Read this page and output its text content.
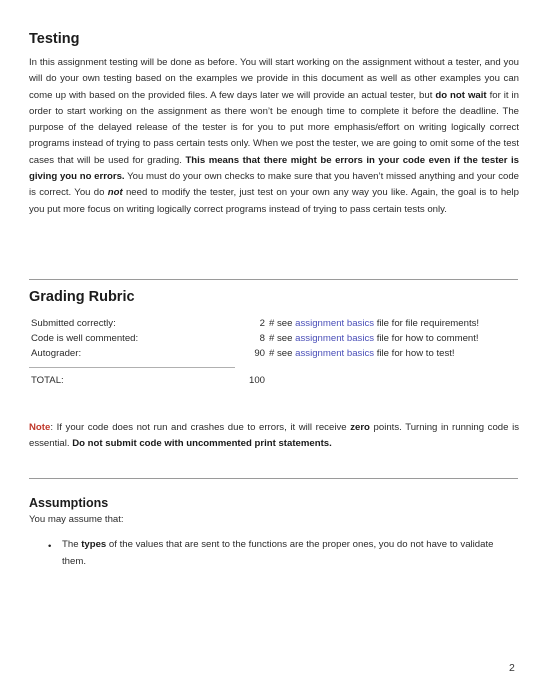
Testing

In this assignment testing will be done as before. You will start working on the assignment without a tester, and you will do your own testing based on the examples we provide in this document as well as other examples you can come up with based on the provided files. A few days later we will provide an actual tester, but do not wait for it in order to start working on the assignment as there won’t be enough time to complete it before the deadline. The purpose of the delayed release of the tester is for you to put more emphasis/effort on writing logically correct programs instead of trying to pass certain tests only. When we post the tester, we are going to omit some of the test cases that will be used for grading. This means that there might be errors in your code even if the tester is giving you no errors. You must do your own checks to make sure that you haven’t missed anything and your code is correct. You do not need to modify the tester, just test on your own any way you like. Again, the goal is to help you put more focus on writing logically correct programs instead of trying to pass certain tests only.

Grading Rubric
Submitted correctly:	2 # see assignment basics file for file requirements!
Code is well commented:	8 # see assignment basics file for how to comment!
Autograder:	90 # see assignment basics file for how to test!
TOTAL:	100

Note: If your code does not run and crashes due to errors, it will receive zero points. Turning in running code is essential. Do not submit code with uncommented print statements.

Assumptions

You may assume that:

• The types of the values that are sent to the functions are the proper ones, you do not have to validate them.

2
